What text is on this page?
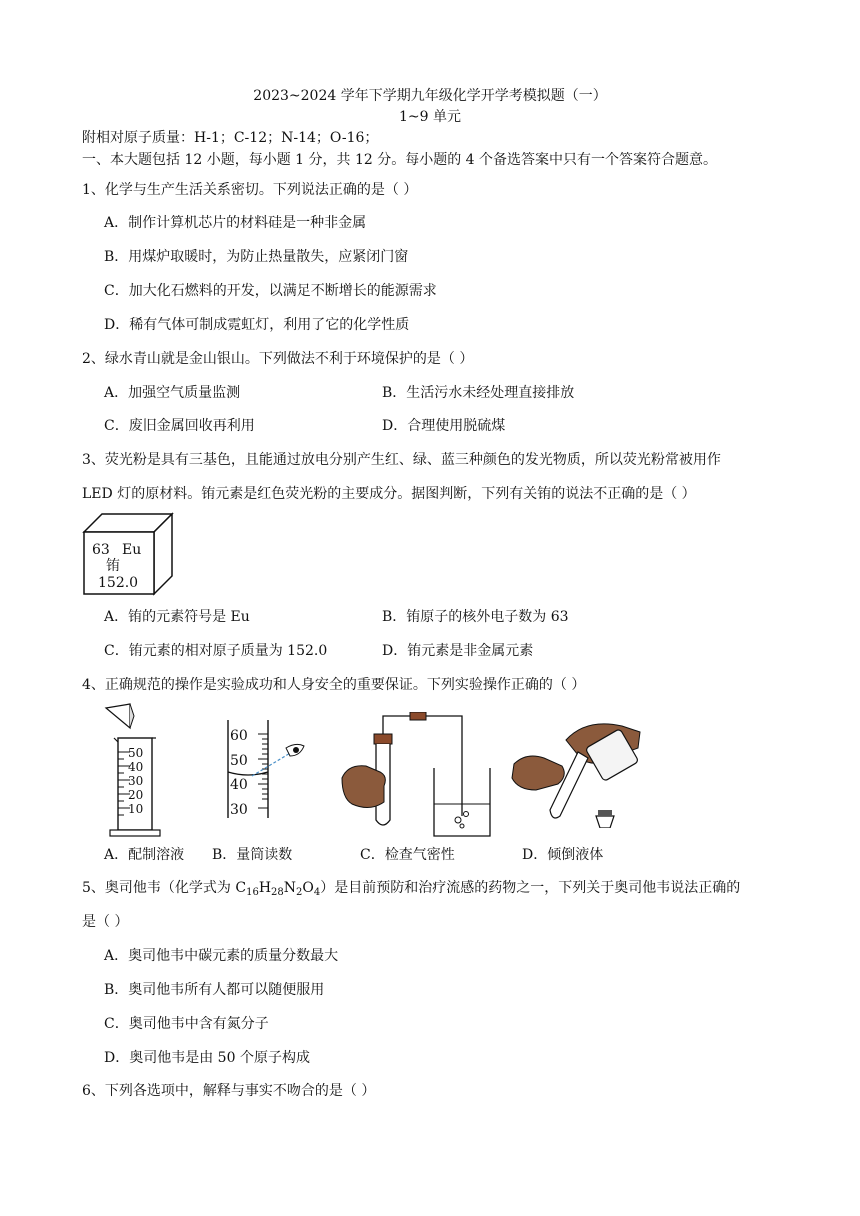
2023~2024 学年下学期九年级化学开学考模拟题（一）
1~9 单元
附相对原子质量：H-1；C-12；N-14；O-16；
一、本大题包括 12 小题，每小题 1 分，共 12 分。每小题的 4 个备选答案中只有一个答案符合题意。
1、化学与生产生活关系密切。下列说法正确的是（ ）
A．制作计算机芯片的材料硅是一种非金属
B．用煤炉取暖时，为防止热量散失，应紧闭门窗
C．加大化石燃料的开发，以满足不断增长的能源需求
D．稀有气体可制成霓虹灯，利用了它的化学性质
2、绿水青山就是金山银山。下列做法不利于环境保护的是（ ）
A．加强空气质量监测	B．生活污水未经处理直接排放
C．废旧金属回收再利用	D．合理使用脱硫煤
3、荧光粉是具有三基色，且能通过放电分别产生红、绿、蓝三种颜色的发光物质，所以荧光粉常被用作
LED 灯的原材料。铕元素是红色荧光粉的主要成分。据图判断，下列有关铕的说法不正确的是（ ）
63 Eu
铕
152.0
A．铕的元素符号是 Eu	B．铕原子的核外电子数为 63
C．铕元素的相对原子质量为 152.0	D．铕元素是非金属元素
4、正确规范的操作是实验成功和人身安全的重要保证。下列实验操作正确的（ ）
50
40
30
20
10
60
50
40
30
A．配制溶液 B．量筒读数	C．检查气密性	D．倾倒液体
5、奥司他韦（化学式为 $C_{16}H_{28}N_2O_4$）是目前预防和治疗流感的药物之一，下列关于奥司他韦说法正确的
是（ ）
A．奥司他韦中碳元素的质量分数最大
B．奥司他韦所有人都可以随便服用
C．奥司他韦中含有氮分子
D．奥司他韦是由 50 个原子构成
6、下列各选项中，解释与事实不吻合的是（ ）
